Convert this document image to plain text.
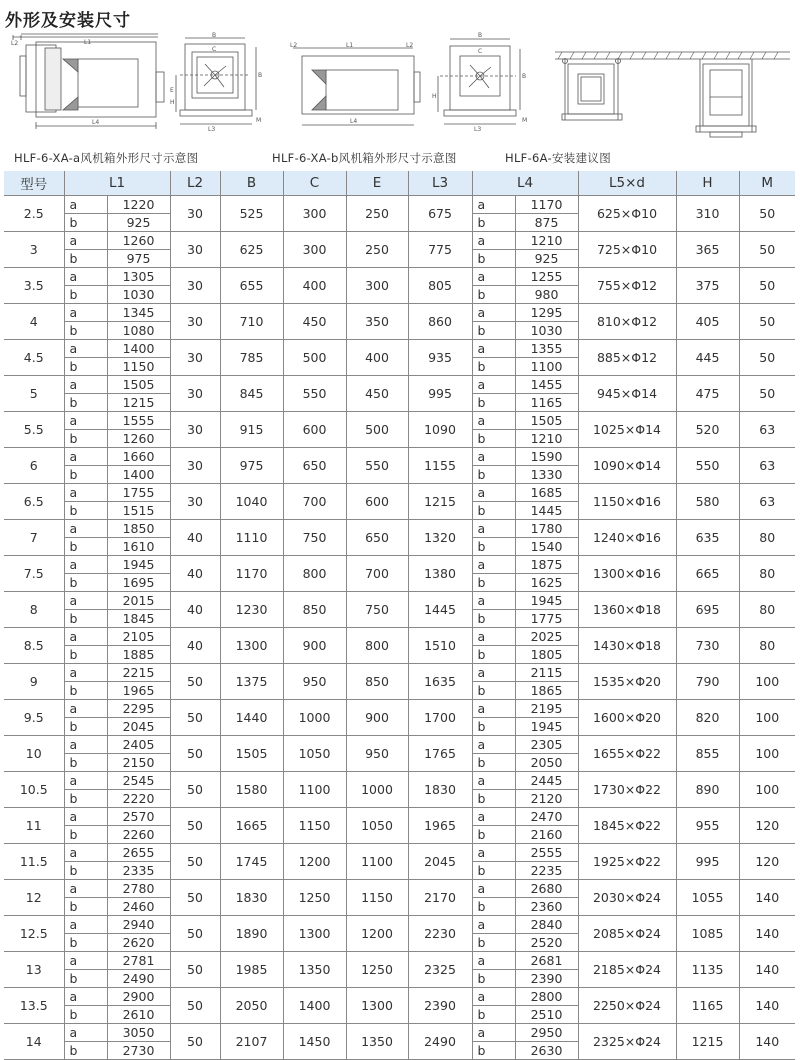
外形及安装尺寸
L2	L1
L4
B
C
E
H
B
L3
M
L2	L1
L4
L2
B
C
H
B
L3
M
HLF-6-XA-a风机箱外形尺寸示意图	HLF-6-XA-b风机箱外形尺寸示意图	HLF-6A-安装建议图
型号	L1		L2	B	C	E	L3	L4		L5×d	H	M
2.5	a	1220	30	525	300	250	675	a	1170	625×Φ10	310	50
	b	925						b	875			
3	a	1260	30	625	300	250	775	a	1210	725×Φ10	365	50
	b	975						b	925			
3.5	a	1305	30	655	400	300	805	a	1255	755×Φ12	375	50
	b	1030						b	980			
4	a	1345	30	710	450	350	860	a	1295	810×Φ12	405	50
	b	1080						b	1030			
4.5	a	1400	30	785	500	400	935	a	1355	885×Φ12	445	50
	b	1150						b	1100			
5	a	1505	30	845	550	450	995	a	1455	945×Φ14	475	50
	b	1215						b	1165			
5.5	a	1555	30	915	600	500	1090	a	1505	1025×Φ14	520	63
	b	1260						b	1210			
6	a	1660	30	975	650	550	1155	a	1590	1090×Φ14	550	63
	b	1400						b	1330			
6.5	a	1755	30	1040	700	600	1215	a	1685	1150×Φ16	580	63
	b	1515						b	1445			
7	a	1850	40	1110	750	650	1320	a	1780	1240×Φ16	635	80
	b	1610						b	1540			
7.5	a	1945	40	1170	800	700	1380	a	1875	1300×Φ16	665	80
	b	1695						b	1625			
8	a	2015	40	1230	850	750	1445	a	1945	1360×Φ18	695	80
	b	1845						b	1775			
8.5	a	2105	40	1300	900	800	1510	a	2025	1430×Φ18	730	80
	b	1885						b	1805			
9	a	2215	50	1375	950	850	1635	a	2115	1535×Φ20	790	100
	b	1965						b	1865			
9.5	a	2295	50	1440	1000	900	1700	a	2195	1600×Φ20	820	100
	b	2045						b	1945			
10	a	2405	50	1505	1050	950	1765	a	2305	1655×Φ22	855	100
	b	2150						b	2050			
10.5	a	2545	50	1580	1100	1000	1830	a	2445	1730×Φ22	890	100
	b	2220						b	2120			
11	a	2570	50	1665	1150	1050	1965	a	2470	1845×Φ22	955	120
	b	2260						b	2160			
11.5	a	2655	50	1745	1200	1100	2045	a	2555	1925×Φ22	995	120
	b	2335						b	2235			
12	a	2780	50	1830	1250	1150	2170	a	2680	2030×Φ24	1055	140
	b	2460						b	2360			
12.5	a	2940	50	1890	1300	1200	2230	a	2840	2085×Φ24	1085	140
	b	2620						b	2520			
13	a	2781	50	1985	1350	1250	2325	a	2681	2185×Φ24	1135	140
	b	2490						b	2390			
13.5	a	2900	50	2050	1400	1300	2390	a	2800	2250×Φ24	1165	140
	b	2610						b	2510			
14	a	3050	50	2107	1450	1350	2490	a	2950	2325×Φ24	1215	140
	b	2730						b	2630			
